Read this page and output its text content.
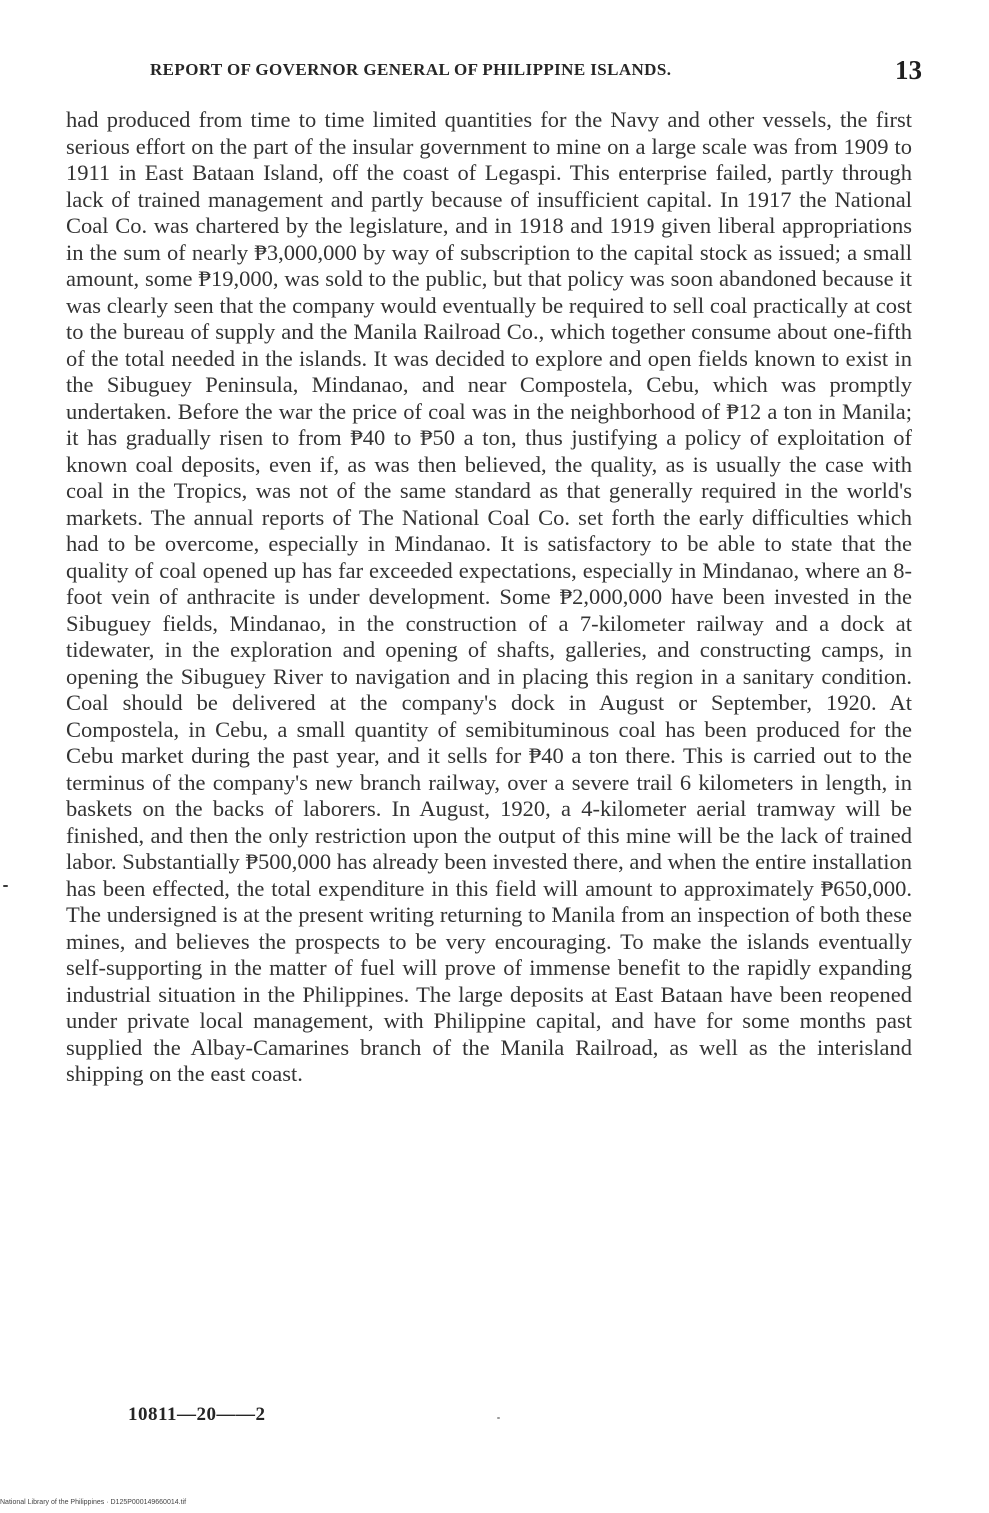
REPORT OF GOVERNOR GENERAL OF PHILIPPINE ISLANDS.	13

had produced from time to time limited quantities for the Navy and other vessels, the first serious effort on the part of the insular government to mine on a large scale was from 1909 to 1911 in East Bataan Island, off the coast of Legaspi. This enterprise failed, partly through lack of trained management and partly because of insufficient capital. In 1917 the National Coal Co. was chartered by the legislature, and in 1918 and 1919 given liberal appropriations in the sum of nearly ₱3,000,000 by way of subscription to the capital stock as issued; a small amount, some ₱19,000, was sold to the public, but that policy was soon abandoned because it was clearly seen that the company would eventually be required to sell coal practically at cost to the bureau of supply and the Manila Railroad Co., which together consume about one-fifth of the total needed in the islands. It was decided to explore and open fields known to exist in the Sibuguey Peninsula, Mindanao, and near Compostela, Cebu, which was promptly undertaken. Before the war the price of coal was in the neighborhood of ₱12 a ton in Manila; it has gradually risen to from ₱40 to ₱50 a ton, thus justifying a policy of exploitation of known coal deposits, even if, as was then believed, the quality, as is usually the case with coal in the Tropics, was not of the same standard as that generally required in the world's markets. The annual reports of The National Coal Co. set forth the early difficulties which had to be overcome, especially in Mindanao. It is satisfactory to be able to state that the quality of coal opened up has far exceeded expectations, especially in Mindanao, where an 8-foot vein of anthracite is under development. Some ₱2,000,000 have been invested in the Sibuguey fields, Mindanao, in the construction of a 7-kilometer railway and a dock at tidewater, in the exploration and opening of shafts, galleries, and constructing camps, in opening the Sibuguey River to navigation and in placing this region in a sanitary condition. Coal should be delivered at the company's dock in August or September, 1920. At Compostela, in Cebu, a small quantity of semibituminous coal has been produced for the Cebu market during the past year, and it sells for ₱40 a ton there. This is carried out to the terminus of the company's new branch railway, over a severe trail 6 kilometers in length, in baskets on the backs of laborers. In August, 1920, a 4-kilometer aerial tramway will be finished, and then the only restriction upon the output of this mine will be the lack of trained labor. Substantially ₱500,000 has already been invested there, and when the entire installation has been effected, the total expenditure in this field will amount to approximately ₱650,000. The undersigned is at the present writing returning to Manila from an inspection of both these mines, and believes the prospects to be very encouraging. To make the islands eventually self-supporting in the matter of fuel will prove of immense benefit to the rapidly expanding industrial situation in the Philippines. The large deposits at East Bataan have been reopened under private local management, with Philippine capital, and have for some months past supplied the Albay-Camarines branch of the Manila Railroad, as well as the interisland shipping on the east coast.

10811—20——2
National Library of the Philippines · D125P000149660014.tif
